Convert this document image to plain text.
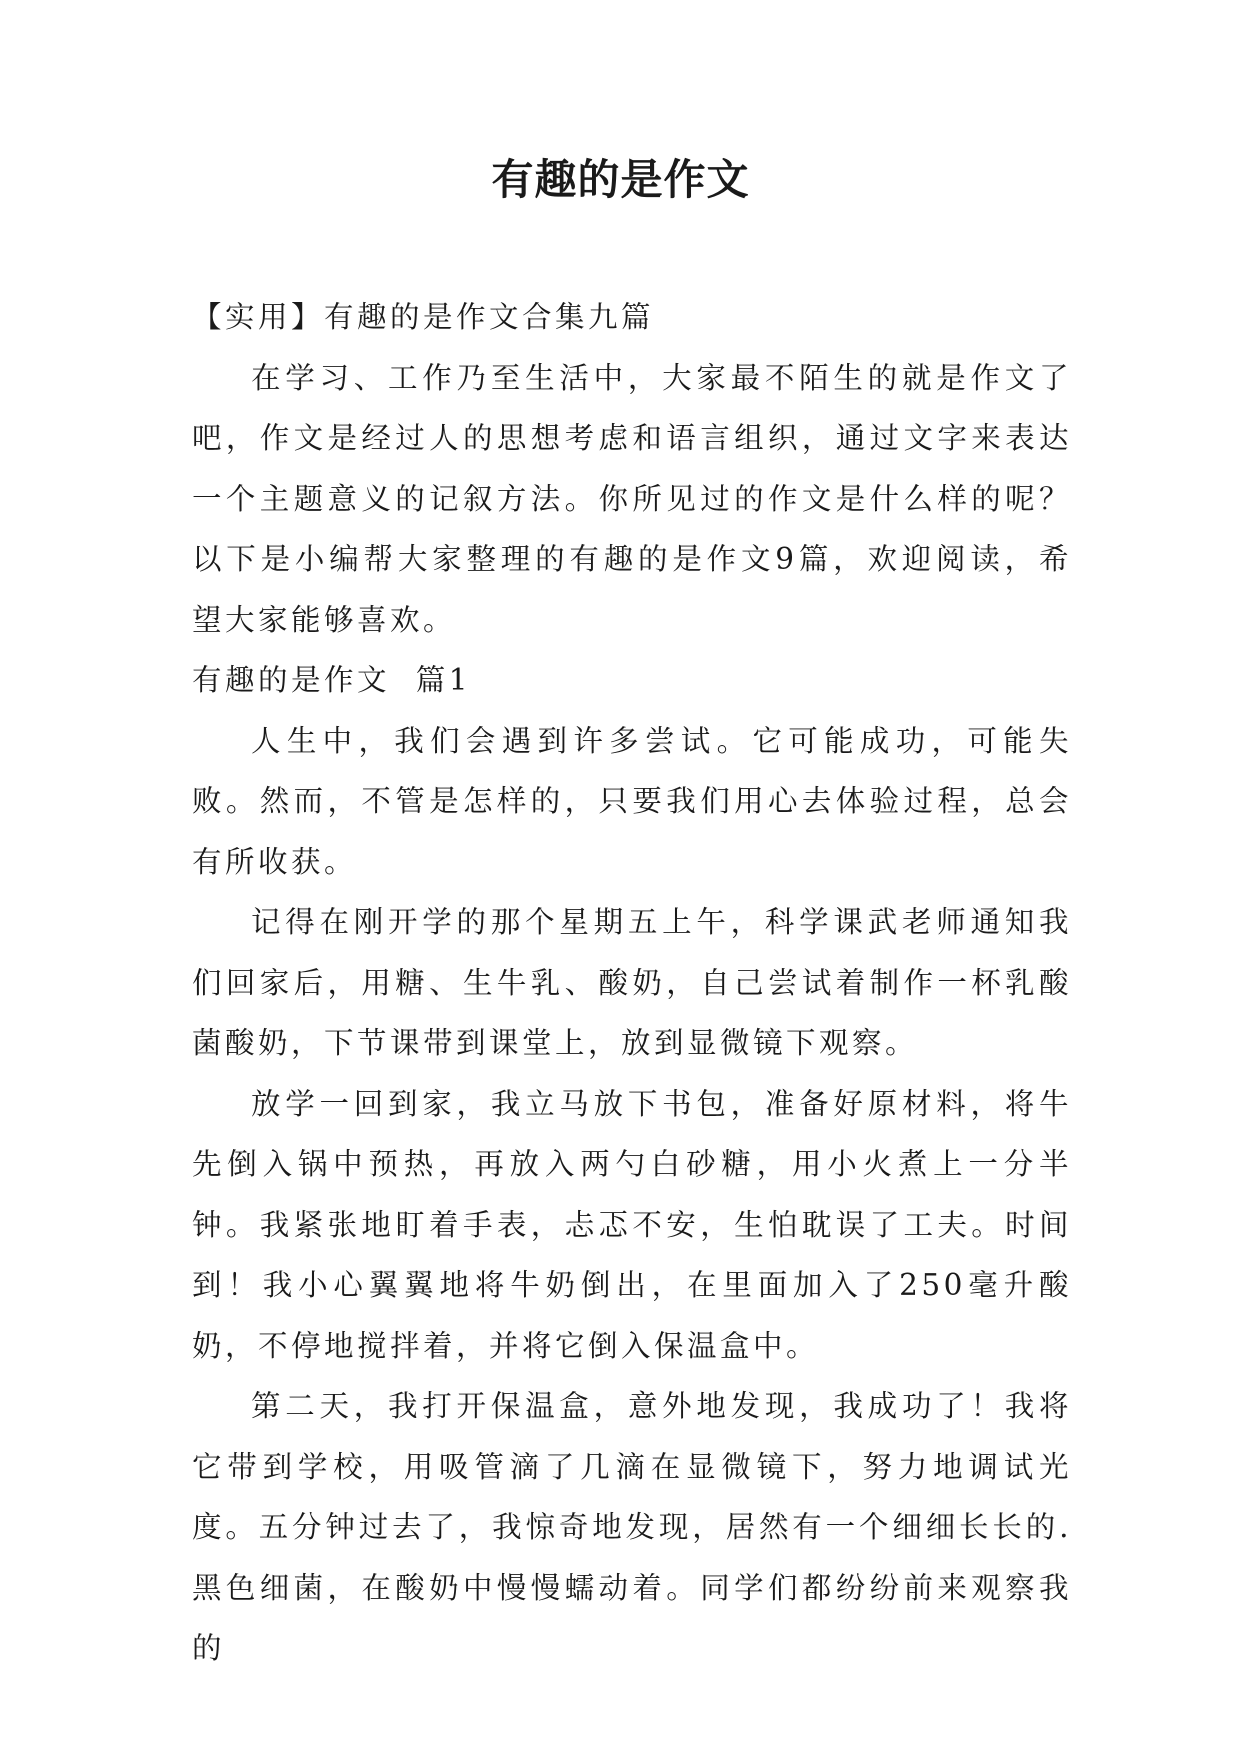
有趣的是作文

【实用】有趣的是作文合集九篇

在学习、工作乃至生活中，大家最不陌生的就是作文了吧，作文是经过人的思想考虑和语言组织，通过文字来表达一个主题意义的记叙方法。你所见过的作文是什么样的呢？以下是小编帮大家整理的有趣的是作文9篇，欢迎阅读，希望大家能够喜欢。

有趣的是作文  篇1

人生中，我们会遇到许多尝试。它可能成功，可能失败。然而，不管是怎样的，只要我们用心去体验过程，总会有所收获。

记得在刚开学的那个星期五上午，科学课武老师通知我们回家后，用糖、生牛乳、酸奶，自己尝试着制作一杯乳酸菌酸奶，下节课带到课堂上，放到显微镜下观察。

放学一回到家，我立马放下书包，准备好原材料，将牛先倒入锅中预热，再放入两勺白砂糖，用小火煮上一分半钟。我紧张地盯着手表，忐忑不安，生怕耽误了工夫。时间到！我小心翼翼地将牛奶倒出，在里面加入了250毫升酸奶，不停地搅拌着，并将它倒入保温盒中。

第二天，我打开保温盒，意外地发现，我成功了！我将它带到学校，用吸管滴了几滴在显微镜下，努力地调试光度。五分钟过去了，我惊奇地发现，居然有一个细细长长的.黑色细菌，在酸奶中慢慢蠕动着。同学们都纷纷前来观察我的
